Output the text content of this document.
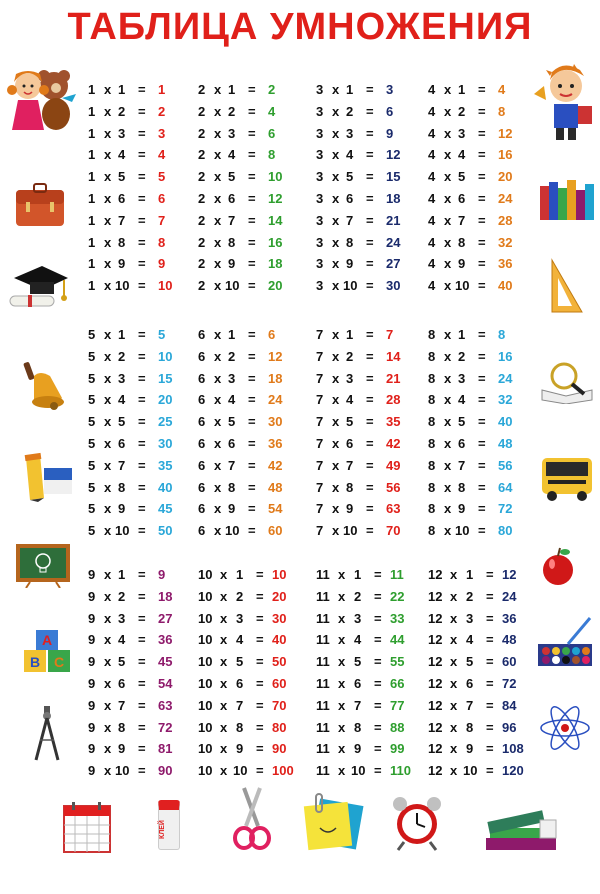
ТАБЛИЦА УМНОЖЕНИЯ
1 x 1 = 1
1 x 2 = 2
1 x 3 = 3
1 x 4 = 4
1 x 5 = 5
1 x 6 = 6
1 x 7 = 7
1 x 8 = 8
1 x 9 = 9
1 x 10 = 10
2 x 1 = 2
2 x 2 = 4
2 x 3 = 6
2 x 4 = 8
2 x 5 = 10
2 x 6 = 12
2 x 7 = 14
2 x 8 = 16
2 x 9 = 18
2 x 10 = 20
3 x 1 = 3
3 x 2 = 6
3 x 3 = 9
3 x 4 = 12
3 x 5 = 15
3 x 6 = 18
3 x 7 = 21
3 x 8 = 24
3 x 9 = 27
3 x 10 = 30
4 x 1 = 4
4 x 2 = 8
4 x 3 = 12
4 x 4 = 16
4 x 5 = 20
4 x 6 = 24
4 x 7 = 28
4 x 8 = 32
4 x 9 = 36
4 x 10 = 40
5 x 1 = 5
5 x 2 = 10
5 x 3 = 15
5 x 4 = 20
5 x 5 = 25
5 x 6 = 30
5 x 7 = 35
5 x 8 = 40
5 x 9 = 45
5 x 10 = 50
6 x 1 = 6
6 x 2 = 12
6 x 3 = 18
6 x 4 = 24
6 x 5 = 30
6 x 6 = 36
6 x 7 = 42
6 x 8 = 48
6 x 9 = 54
6 x 10 = 60
7 x 1 = 7
7 x 2 = 14
7 x 3 = 21
7 x 4 = 28
7 x 5 = 35
7 x 6 = 42
7 x 7 = 49
7 x 8 = 56
7 x 9 = 63
7 x 10 = 70
8 x 1 = 8
8 x 2 = 16
8 x 3 = 24
8 x 4 = 32
8 x 5 = 40
8 x 6 = 48
8 x 7 = 56
8 x 8 = 64
8 x 9 = 72
8 x 10 = 80
9 x 1 = 9
9 x 2 = 18
9 x 3 = 27
9 x 4 = 36
9 x 5 = 45
9 x 6 = 54
9 x 7 = 63
9 x 8 = 72
9 x 9 = 81
9 x 10 = 90
10 x 1 = 10
10 x 2 = 20
10 x 3 = 30
10 x 4 = 40
10 x 5 = 50
10 x 6 = 60
10 x 7 = 70
10 x 8 = 80
10 x 9 = 90
10 x 10 = 100
11 x 1 = 11
11 x 2 = 22
11 x 3 = 33
11 x 4 = 44
11 x 5 = 55
11 x 6 = 66
11 x 7 = 77
11 x 8 = 88
11 x 9 = 99
11 x 10 = 110
12 x 1 = 12
12 x 2 = 24
12 x 3 = 36
12 x 4 = 48
12 x 5 = 60
12 x 6 = 72
12 x 7 = 84
12 x 8 = 96
12 x 9 = 108
12 x 10 = 120
A
B C
КЛЕЙ
